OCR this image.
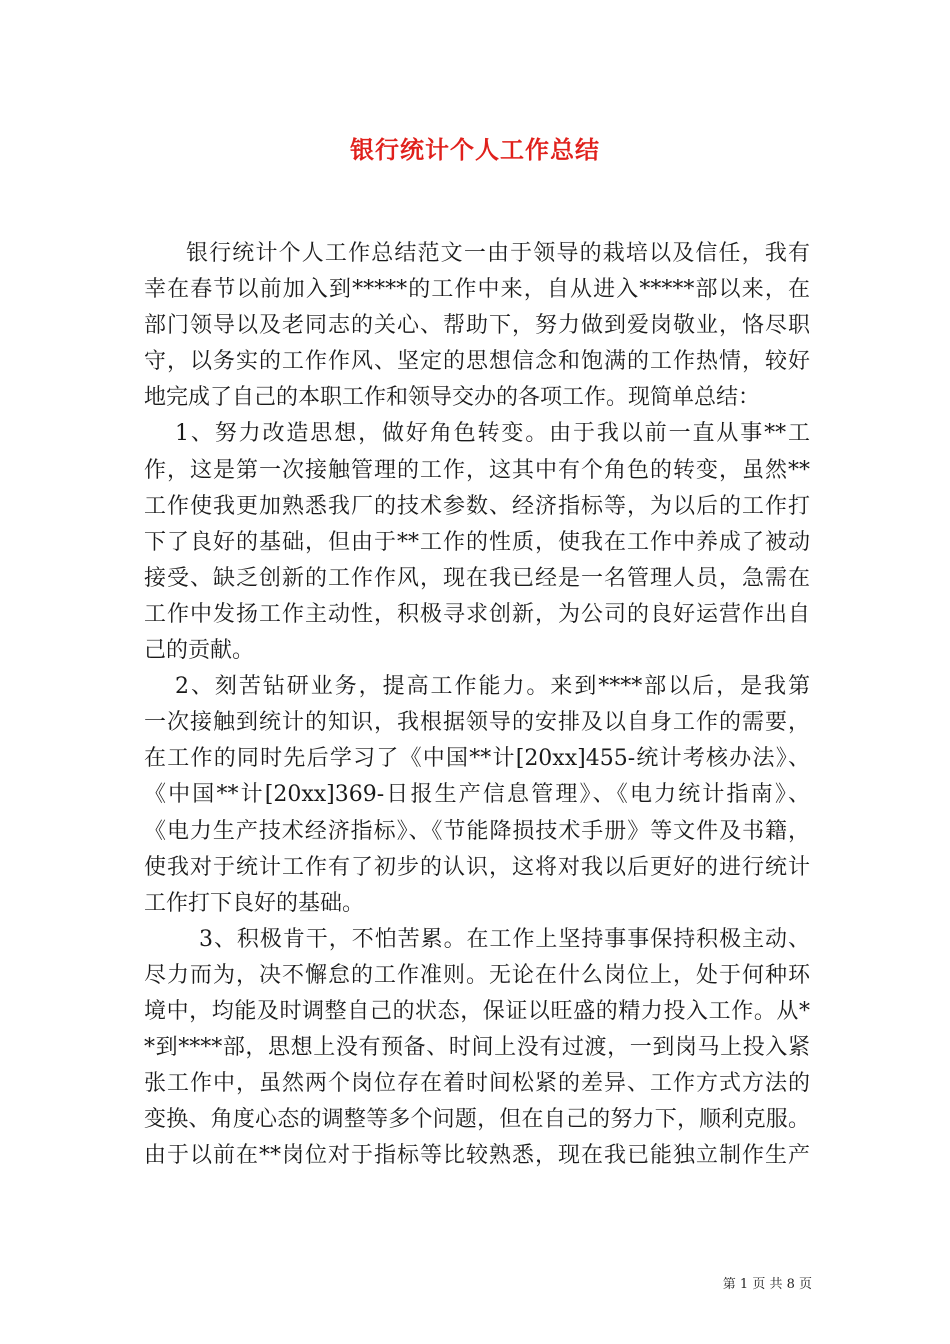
银行统计个人工作总结
银行统计个人工作总结范文一由于领导的栽培以及信任，我有
幸在春节以前加入到*****的工作中来，自从进入*****部以来，在
部门领导以及老同志的关心、帮助下，努力做到爱岗敬业，恪尽职
守，以务实的工作作风、坚定的思想信念和饱满的工作热情，较好
地完成了自己的本职工作和领导交办的各项工作。现简单总结：
1、努力改造思想，做好角色转变。由于我以前一直从事**工
作，这是第一次接触管理的工作，这其中有个角色的转变，虽然**
工作使我更加熟悉我厂的技术参数、经济指标等，为以后的工作打
下了良好的基础，但由于**工作的性质，使我在工作中养成了被动
接受、缺乏创新的工作作风，现在我已经是一名管理人员，急需在
工作中发扬工作主动性，积极寻求创新，为公司的良好运营作出自
己的贡献。
2、刻苦钻研业务，提高工作能力。来到****部以后，是我第
一次接触到统计的知识，我根据领导的安排及以自身工作的需要，
在工作的同时先后学习了《中国**计[20xx]455-统计考核办法》、
《中国**计[20xx]369-日报生产信息管理》、《电力统计指南》、
《电力生产技术经济指标》、《节能降损技术手册》等文件及书籍，
使我对于统计工作有了初步的认识，这将对我以后更好的进行统计
工作打下良好的基础。
3、积极肯干，不怕苦累。在工作上坚持事事保持积极主动、
尽力而为，决不懈怠的工作准则。无论在什么岗位上，处于何种环
境中，均能及时调整自己的状态，保证以旺盛的精力投入工作。从*
*到****部，思想上没有预备、时间上没有过渡，一到岗马上投入紧
张工作中，虽然两个岗位存在着时间松紧的差异、工作方式方法的
变换、角度心态的调整等多个问题，但在自己的努力下，顺利克服。
由于以前在**岗位对于指标等比较熟悉，现在我已能独立制作生产
第 1 页 共 8 页
